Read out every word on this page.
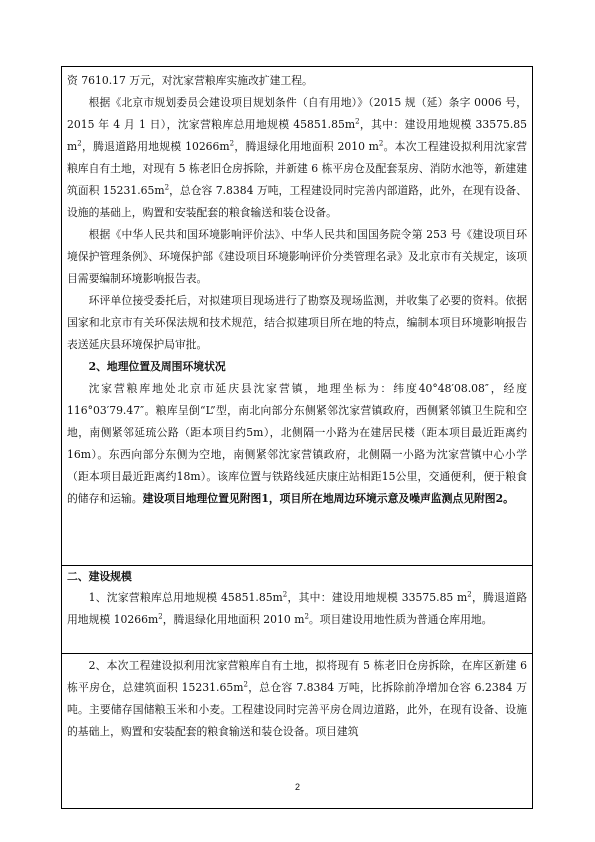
资 7610.17 万元，对沈家营粮库实施改扩建工程。

根据《北京市规划委员会建设项目规划条件（自有用地）》（2015 规（延）条字 0006 号，2015 年 4 月 1 日），沈家营粮库总用地规模 $45851.85m^2$，其中：建设用地规模 33575.85 $m^2$，腾退道路用地规模 $10266m^2$，腾退绿化用地面积 2010 $m^2$。本次工程建设拟利用沈家营粮库自有土地，对现有 5 栋老旧仓房拆除，并新建 6 栋平房仓及配套泵房、消防水池等，新建建筑面积 $15231.65m^2$，总仓容 7.8384 万吨，工程建设同时完善内部道路，此外，在现有设备、设施的基础上，购置和安装配套的粮食输送和装仓设备。

根据《中华人民共和国环境影响评价法》、中华人民共和国国务院令第 253 号《建设项目环境保护管理条例》、环境保护部《建设项目环境影响评价分类管理名录》及北京市有关规定，该项目需要编制环境影响报告表。

环评单位接受委托后，对拟建项目现场进行了勘察及现场监测，并收集了必要的资料。依据国家和北京市有关环保法规和技术规范，结合拟建项目所在地的特点，编制本项目环境影响报告表送延庆县环境保护局审批。

2、地理位置及周围环境状况

沈家营粮库地处北京市延庆县沈家营镇，地理坐标为：纬度40°48′08.08″，经度116°03′79.47″。粮库呈倒“L”型，南北向部分东侧紧邻沈家营镇政府，西侧紧邻镇卫生院和空地，南侧紧邻延琉公路（距本项目约5m），北侧隔一小路为在建居民楼（距本项目最近距离约16m）。东西向部分东侧为空地，南侧紧邻沈家营镇政府，北侧隔一小路为沈家营镇中心小学（距本项目最近距离约18m）。该库位置与铁路线延庆康庄站相距15公里，交通便利，便于粮食的储存和运输。建设项目地理位置见附图1，项目所在地周边环境示意及噪声监测点见附图2。

二、建设规模

1、沈家营粮库总用地规模 $45851.85m^2$，其中：建设用地规模 33575.85 $m^2$，腾退道路用地规模 $10266m^2$，腾退绿化用地面积 2010 $m^2$。项目建设用地性质为普通仓库用地。

2、本次工程建设拟利用沈家营粮库自有土地，拟将现有 5 栋老旧仓房拆除，在库区新建 6 栋平房仓，总建筑面积 $15231.65m^2$，总仓容 7.8384 万吨，比拆除前净增加仓容 6.2384 万吨。主要储存国储粮玉米和小麦。工程建设同时完善平房仓周边道路，此外，在现有设备、设施的基础上，购置和安装配套的粮食输送和装仓设备。项目建筑

2
